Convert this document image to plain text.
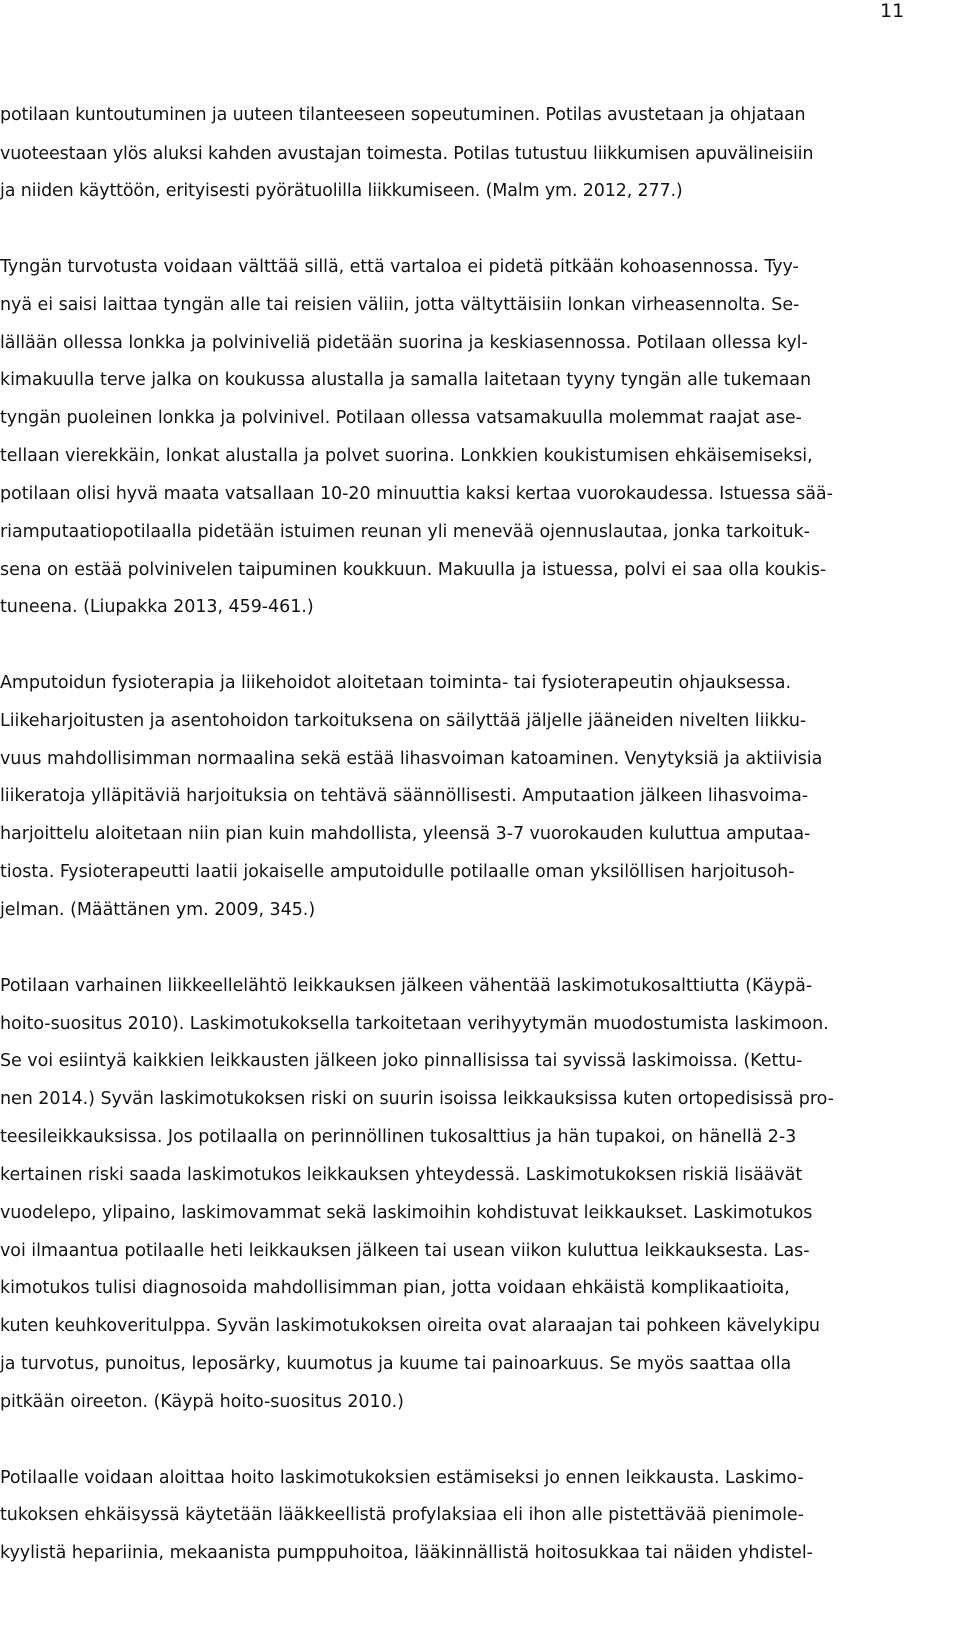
11
potilaan kuntoutuminen ja uuteen tilanteeseen sopeutuminen. Potilas avustetaan ja ohjataan
vuoteestaan ylös aluksi kahden avustajan toimesta. Potilas tutustuu liikkumisen apuvälineisiin
ja niiden käyttöön, erityisesti pyörätuolilla liikkumiseen. (Malm ym. 2012, 277.)
Tyngän turvotusta voidaan välttää sillä, että vartaloa ei pidetä pitkään kohoasennossa. Tyy-
nyä ei saisi laittaa tyngän alle tai reisien väliin, jotta vältyttäisiin lonkan virheasennolta. Se-
lällään ollessa lonkka ja polviniveliä pidetään suorina ja keskiasennossa. Potilaan ollessa kyl-
kimakuulla terve jalka on koukussa alustalla ja samalla laitetaan tyyny tyngän alle tukemaan
tyngän puoleinen lonkka ja polvinivel. Potilaan ollessa vatsamakuulla molemmat raajat ase-
tellaan vierekkäin, lonkat alustalla ja polvet suorina. Lonkkien koukistumisen ehkäisemiseksi,
potilaan olisi hyvä maata vatsallaan 10-20 minuuttia kaksi kertaa vuorokaudessa. Istuessa sää-
riamputaatiopotilaalla pidetään istuimen reunan yli menevää ojennuslautaa, jonka tarkoituk-
sena on estää polvinivelen taipuminen koukkuun. Makuulla ja istuessa, polvi ei saa olla koukis-
tuneena. (Liupakka 2013, 459-461.)
Amputoidun fysioterapia ja liikehoidot aloitetaan toiminta- tai fysioterapeutin ohjauksessa.
Liikeharjoitusten ja asentohoidon tarkoituksena on säilyttää jäljelle jääneiden nivelten liikku-
vuus mahdollisimman normaalina sekä estää lihasvoiman katoaminen. Venytyksiä ja aktiivisia
liikeratoja ylläpitäviä harjoituksia on tehtävä säännöllisesti. Amputaation jälkeen lihasvoima-
harjoittelu aloitetaan niin pian kuin mahdollista, yleensä 3-7 vuorokauden kuluttua amputaa-
tiosta. Fysioterapeutti laatii jokaiselle amputoidulle potilaalle oman yksilöllisen harjoitusoh-
jelman. (Määttänen ym. 2009, 345.)
Potilaan varhainen liikkeellelähtö leikkauksen jälkeen vähentää laskimotukosalttiutta (Käypä-
hoito-suositus 2010). Laskimotukoksella tarkoitetaan verihyytymän muodostumista laskimoon.
Se voi esiintyä kaikkien leikkausten jälkeen joko pinnallisissa tai syvissä laskimoissa. (Kettu-
nen 2014.) Syvän laskimotukoksen riski on suurin isoissa leikkauksissa kuten ortopedisissä pro-
teesileikkauksissa. Jos potilaalla on perinnöllinen tukosalttius ja hän tupakoi, on hänellä 2-3
kertainen riski saada laskimotukos leikkauksen yhteydessä. Laskimotukoksen riskiä lisäävät
vuodelepo, ylipaino, laskimovammat sekä laskimoihin kohdistuvat leikkaukset. Laskimotukos
voi ilmaantua potilaalle heti leikkauksen jälkeen tai usean viikon kuluttua leikkauksesta. Las-
kimotukos tulisi diagnosoida mahdollisimman pian, jotta voidaan ehkäistä komplikaatioita,
kuten keuhkoveritulppa. Syvän laskimotukoksen oireita ovat alaraajan tai pohkeen kävelykipu
ja turvotus, punoitus, leposärky, kuumotus ja kuume tai painoarkuus. Se myös saattaa olla
pitkään oireeton. (Käypä hoito-suositus 2010.)
Potilaalle voidaan aloittaa hoito laskimotukoksien estämiseksi jo ennen leikkausta. Laskimo-
tukoksen ehkäisyssä käytetään lääkkeellistä profylaksiaa eli ihon alle pistettävää pienimole-
kyylistä hepariinia, mekaanista pumppuhoitoa, lääkinnällistä hoitosukkaa tai näiden yhdistel-
